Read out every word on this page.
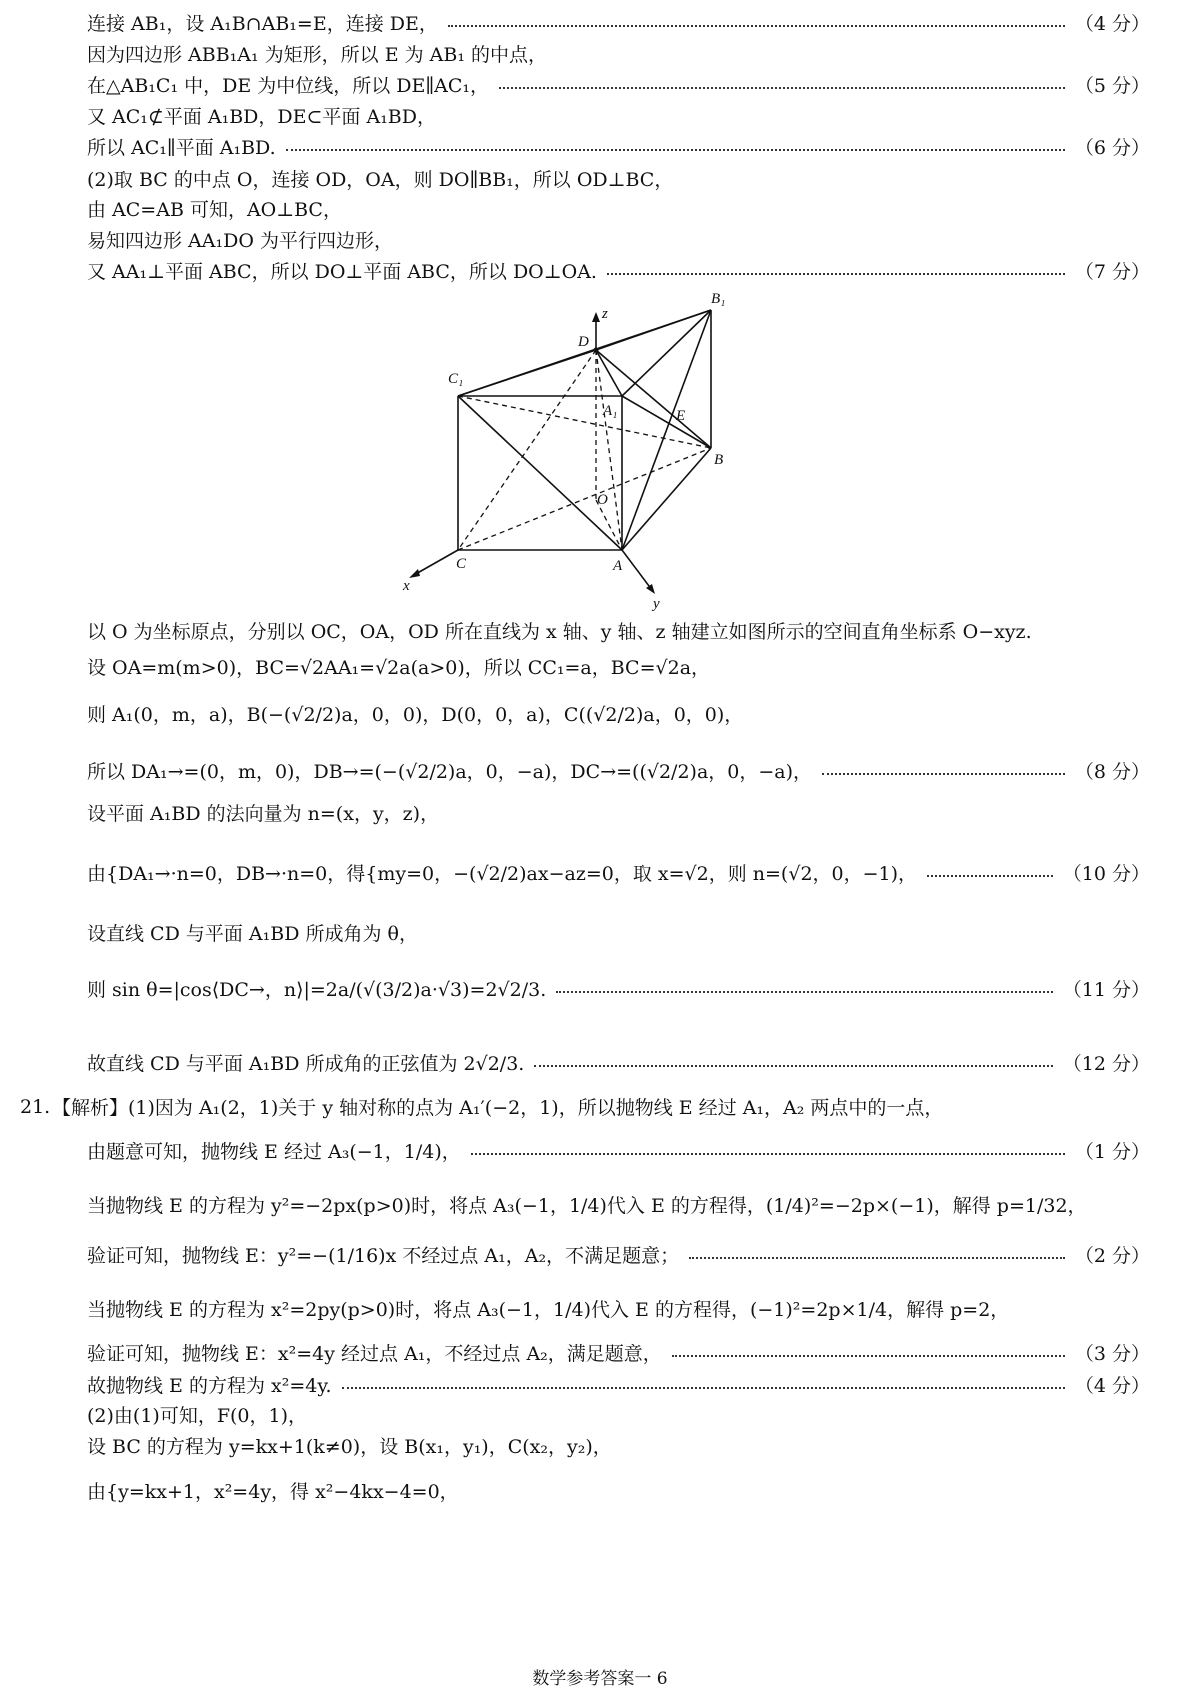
连接 AB₁，设 A₁B∩AB₁=E，连接 DE，	（4 分）
因为四边形 ABB₁A₁ 为矩形，所以 E 为 AB₁ 的中点，
在△AB₁C₁ 中，DE 为中位线，所以 DE∥AC₁，	（5 分）
又 AC₁⊄平面 A₁BD，DE⊂平面 A₁BD，
所以 AC₁∥平面 A₁BD.	（6 分）
(2)取 BC 的中点 O，连接 OD，OA，则 DO∥BB₁，所以 OD⊥BC，
由 AC=AB 可知，AO⊥BC，
易知四边形 AA₁DO 为平行四边形，
又 AA₁⊥平面 ABC，所以 DO⊥平面 ABC，所以 DO⊥OA.	（7 分）
z
B₁
D
C₁
A₁	E
B
O
C	A
x
y
以 O 为坐标原点，分别以 OC，OA，OD 所在直线为 x 轴、y 轴、z 轴建立如图所示的空间直角坐标系 O−xyz.
设 OA=m(m>0)，BC=√2AA₁=√2a(a>0)，所以 CC₁=a，BC=√2a，
则 A₁(0，m，a)，B(−(√2/2)a，0，0)，D(0，0，a)，C((√2/2)a，0，0)，
所以 DA₁→=(0，m，0)，DB→=(−(√2/2)a，0，−a)，DC→=((√2/2)a，0，−a)，	（8 分）
设平面 A₁BD 的法向量为 n=(x，y，z)，
由{DA₁→·n=0，DB→·n=0，得{my=0，−(√2/2)ax−az=0，取 x=√2，则 n=(√2，0，−1)，	（10 分）
设直线 CD 与平面 A₁BD 所成角为 θ，
则 sin θ=|cos⟨DC→，n⟩|=2a/(√(3/2)a·√3)=2√2/3.	（11 分）
故直线 CD 与平面 A₁BD 所成角的正弦值为 2√2/3.	（12 分）
21. 【解析】(1)因为 A₁(2，1)关于 y 轴对称的点为 A₁′(−2，1)，所以抛物线 E 经过 A₁，A₂ 两点中的一点，
由题意可知，抛物线 E 经过 A₃(−1，1/4)，	（1 分）
当抛物线 E 的方程为 y²=−2px(p>0)时，将点 A₃(−1，1/4)代入 E 的方程得，(1/4)²=−2p×(−1)，解得 p=1/32，
验证可知，抛物线 E：y²=−(1/16)x 不经过点 A₁，A₂，不满足题意；	（2 分）
当抛物线 E 的方程为 x²=2py(p>0)时，将点 A₃(−1，1/4)代入 E 的方程得，(−1)²=2p×1/4，解得 p=2，
验证可知，抛物线 E：x²=4y 经过点 A₁，不经过点 A₂，满足题意，	（3 分）
故抛物线 E 的方程为 x²=4y.	（4 分）
(2)由(1)可知，F(0，1)，
设 BC 的方程为 y=kx+1(k≠0)，设 B(x₁，y₁)，C(x₂，y₂)，
由{y=kx+1，x²=4y，得 x²−4kx−4=0，
数学参考答案一 6
